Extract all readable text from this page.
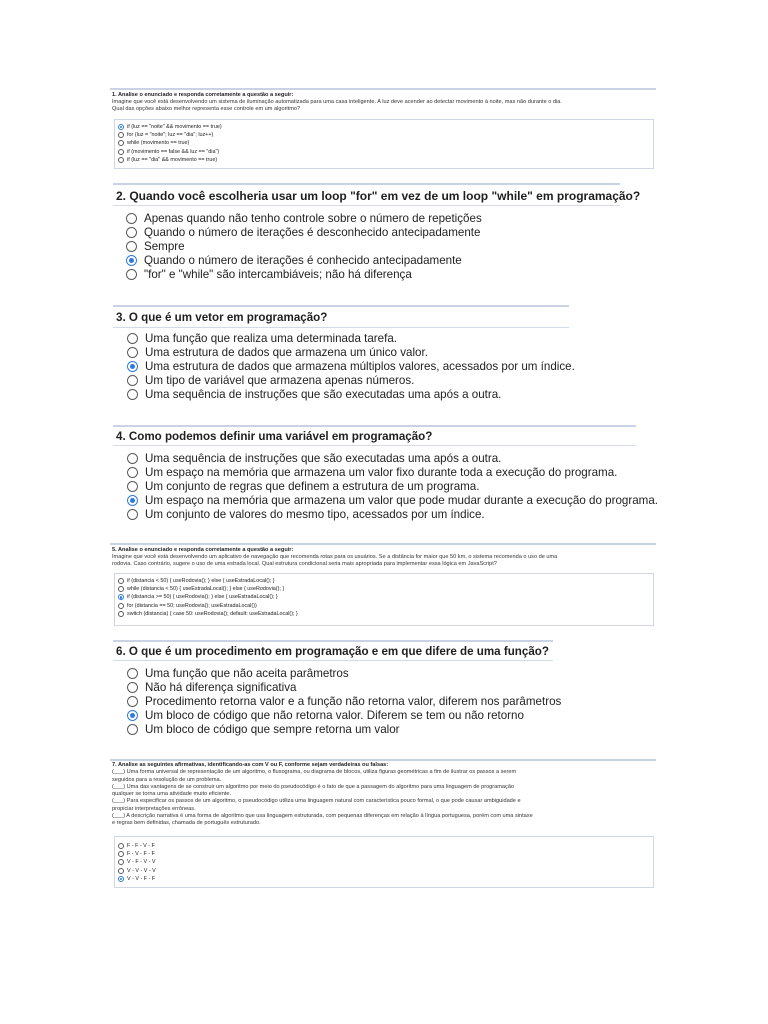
1. Analise o enunciado e responda corretamente a questão a seguir:
Imagine que você está desenvolvendo um sistema de iluminação automatizada para uma casa inteligente. A luz deve acender ao detectar movimento à noite, mas não durante o dia.
Qual das opções abaixo melhor representa esse controle em um algoritmo?
if (luz == "noite" && movimento == true)
for (luz = "noite"; luz == "dia"; luz++)
while (movimento == true)
if (movimento == false && luz == "dia")
if (luz == "dia" && movimento == true)
2. Quando você escolheria usar um loop "for" em vez de um loop "while" em programação?
Apenas quando não tenho controle sobre o número de repetições
Quando o número de iterações é desconhecido antecipadamente
Sempre
Quando o número de iterações é conhecido antecipadamente
"for" e "while" são intercambiáveis; não há diferença
3. O que é um vetor em programação?
Uma função que realiza uma determinada tarefa.
Uma estrutura de dados que armazena um único valor.
Uma estrutura de dados que armazena múltiplos valores, acessados por um índice.
Um tipo de variável que armazena apenas números.
Uma sequência de instruções que são executadas uma após a outra.
4. Como podemos definir uma variável em programação?
Uma sequência de instruções que são executadas uma após a outra.
Um espaço na memória que armazena um valor fixo durante toda a execução do programa.
Um conjunto de regras que definem a estrutura de um programa.
Um espaço na memória que armazena um valor que pode mudar durante a execução do programa.
Um conjunto de valores do mesmo tipo, acessados por um índice.
5. Analise o enunciado e responda corretamente a questão a seguir:
Imagine que você está desenvolvendo um aplicativo de navegação que recomenda rotas para os usuários. Se a distância for maior que 50 km, o sistema recomenda o uso de uma
rodovia. Caso contrário, sugere o uso de uma estrada local. Qual estrutura condicional seria mais apropriada para implementar essa lógica em JavaScript?
if (distancia < 50) { useRodovia(); } else { useEstradaLocal(); }
while (distancia < 50) { useEstradaLocal(); } else { useRodovia(); }
if (distancia >= 50) { useRodovia(); } else { useEstradaLocal(); }
for (distancia == 50; useRodovia(); useEstradaLocal())
switch (distancia) { case 50: useRodovia(); default: useEstradaLocal(); }
6. O que é um procedimento em programação e em que difere de uma função?
Uma função que não aceita parâmetros
Não há diferença significativa
Procedimento retorna valor e a função não retorna valor, diferem nos parâmetros
Um bloco de código que não retorna valor. Diferem se tem ou não retorno
Um bloco de código que sempre retorna um valor
7. Analise as seguintes afirmativas, identificando-as com V ou F, conforme sejam verdadeiras ou falsas:
(___) Uma forma universal de representação de um algoritmo, o fluxograma, ou diagrama de blocos, utiliza figuras geométricas a fim de ilustrar os passos a serem
seguidos para a resolução de um problema.
(___) Uma das vantagens de se construir um algoritmo por meio do pseudocódigo é o fato de que a passagem do algoritmo para uma linguagem de programação
qualquer se torna uma atividade muito eficiente.
(___) Para especificar os passos de um algoritmo, o pseudocódigo utiliza uma linguagem natural com característica pouco formal, o que pode causar ambiguidade e
propiciar interpretações errôneas.
(___) A descrição narrativa é uma forma de algoritmo que usa linguagem estruturada, com pequenas diferenças em relação à língua portuguesa, porém com uma sintaxe
e regras bem definidas, chamada de português estruturado.
F - F - V - F
F - V - F - F
V - F - V - V
V - V - V - V
V - V - F - F
